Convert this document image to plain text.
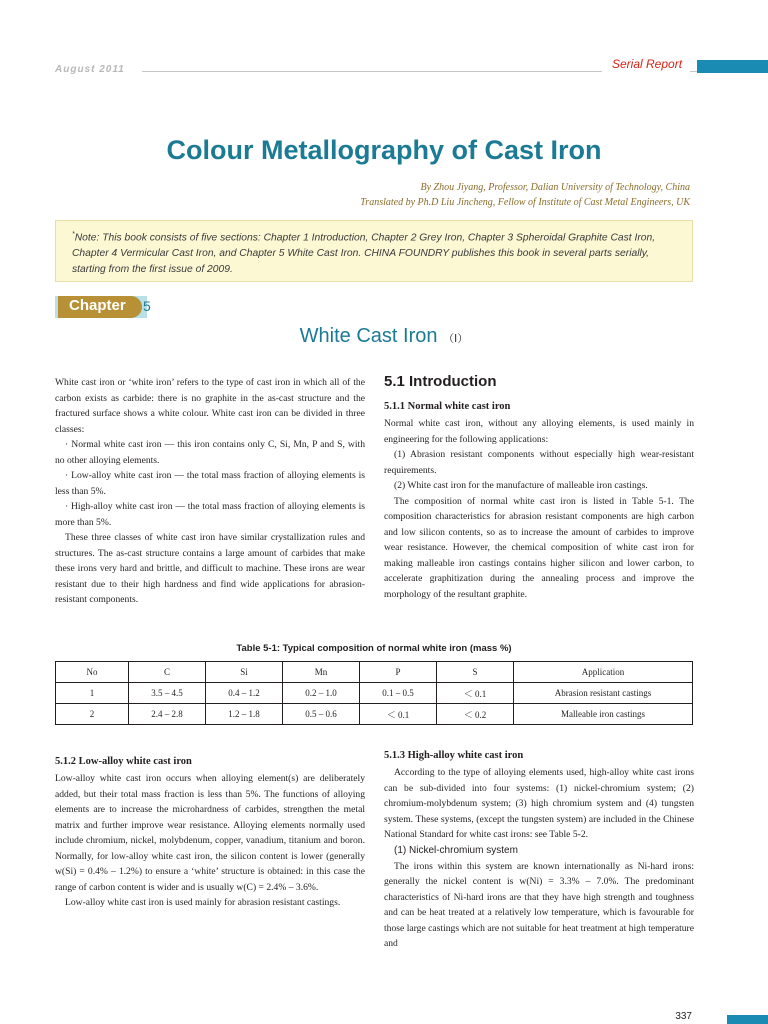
August 2011	Serial Report
Colour Metallography of Cast Iron
By Zhou Jiyang, Professor, Dalian University of Technology, China
Translated by Ph.D Liu Jincheng, Fellow of Institute of Cast Metal Engineers, UK
*Note: This book consists of five sections: Chapter 1 Introduction, Chapter 2 Grey Iron, Chapter 3 Spheroidal Graphite Cast Iron, Chapter 4 Vermicular Cast Iron, and Chapter 5 White Cast Iron. CHINA FOUNDRY publishes this book in several parts serially, starting from the first issue of 2009.
Chapter 5
White Cast Iron （Ⅰ）

White cast iron or ‘white iron’ refers to the type of cast iron in which all of the carbon exists as carbide: there is no graphite in the as-cast structure and the fractured surface shows a white colour. White cast iron can be divided in three classes:

· Normal white cast iron — this iron contains only C, Si, Mn, P and S, with no other alloying elements.

· Low-alloy white cast iron — the total mass fraction of alloying elements is less than 5%.

· High-alloy white cast iron — the total mass fraction of alloying elements is more than 5%.

These three classes of white cast iron have similar crystallization rules and structures. The as-cast structure contains a large amount of carbides that make these irons very hard and brittle, and difficult to machine. These irons are wear resistant due to their high hardness and find wide applications for abrasion-resistant components.

5.1 Introduction
5.1.1 Normal white cast iron

Normal white cast iron, without any alloying elements, is used mainly in engineering for the following applications:

(1) Abrasion resistant components without especially high wear-resistant requirements.

(2) White cast iron for the manufacture of malleable iron castings.

The composition of normal white cast iron is listed in Table 5-1. The composition characteristics for abrasion resistant components are high carbon and low silicon contents, so as to increase the amount of carbides to improve wear resistance. However, the chemical composition of white cast iron for making malleable iron castings contains higher silicon and lower carbon, to accelerate graphitization during the annealing process and improve the morphology of the resultant graphite.

Table 5-1: Typical composition of normal white iron (mass %)
No	C	Si	Mn	P	S	Application
1	3.5 – 4.5	0.4 – 1.2	0.2 – 1.0	0.1 – 0.5	＜ 0.1	Abrasion resistant castings
2	2.4 – 2.8	1.2 – 1.8	0.5 – 0.6	＜ 0.1	＜ 0.2	Malleable iron castings
5.1.2 Low-alloy white cast iron

Low-alloy white cast iron occurs when alloying element(s) are deliberately added, but their total mass fraction is less than 5%. The functions of alloying elements are to increase the microhardness of carbides, strengthen the metal matrix and further improve wear resistance. Alloying elements normally used include chromium, nickel, molybdenum, copper, vanadium, titanium and boron. Normally, for low-alloy white cast iron, the silicon content is lower (generally w(Si) = 0.4% – 1.2%) to ensure a ‘white’ structure is obtained: in this case the range of carbon content is wider and is usually w(C) = 2.4% – 3.6%.

Low-alloy white cast iron is used mainly for abrasion resistant castings.

5.1.3 High-alloy white cast iron

According to the type of alloying elements used, high-alloy white cast irons can be sub-divided into four systems: (1) nickel-chromium system; (2) chromium-molybdenum system; (3) high chromium system and (4) tungsten system. These systems, (except the tungsten system) are included in the Chinese National Standard for white cast irons: see Table 5-2.

(1) Nickel-chromium system

The irons within this system are known internationally as Ni-hard irons: generally the nickel content is w(Ni) = 3.3% – 7.0%. The predominant characteristics of Ni-hard irons are that they have high strength and toughness and can be heat treated at a relatively low temperature, which is favourable for those large castings which are not suitable for heat treatment at high temperature and

337
